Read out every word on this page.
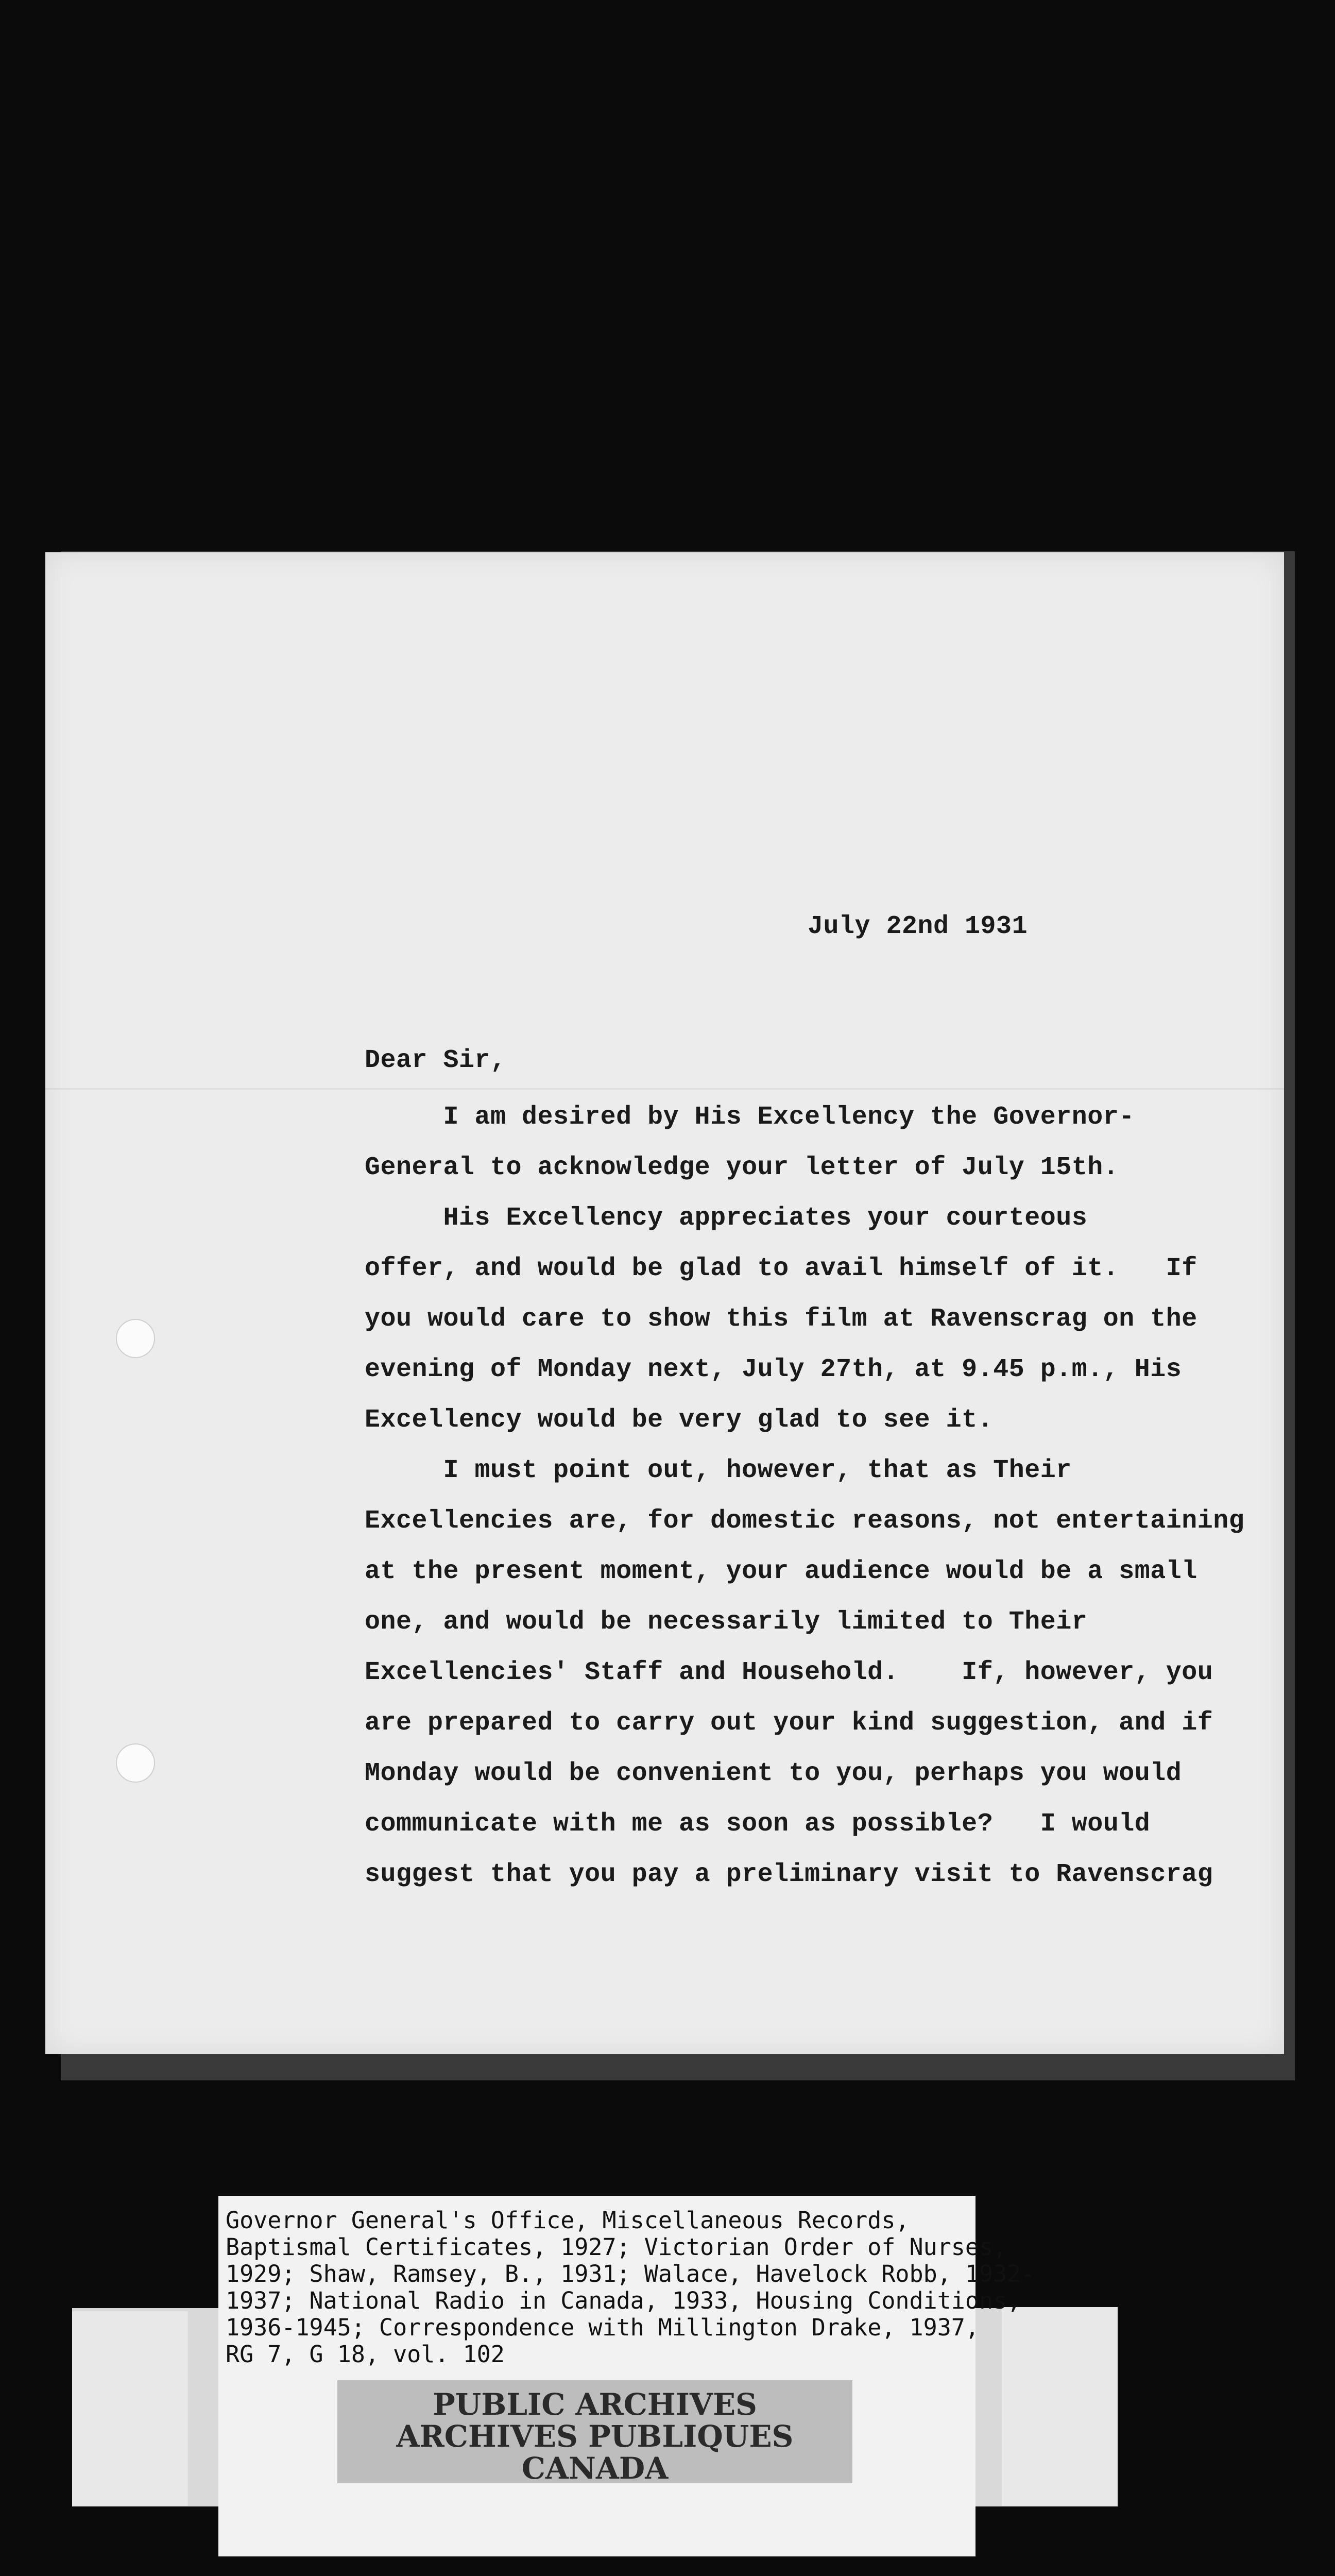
July 22nd 1931
Dear Sir,
I am desired by His Excellency the Governor-
General to acknowledge your letter of July 15th.
His Excellency appreciates your courteous
offer, and would be glad to avail himself of it.   If
you would care to show this film at Ravenscrag on the
evening of Monday next, July 27th, at 9.45 p.m., His
Excellency would be very glad to see it.
I must point out, however, that as Their
Excellencies are, for domestic reasons, not entertaining
at the present moment, your audience would be a small
one, and would be necessarily limited to Their
Excellencies' Staff and Household.    If, however, you
are prepared to carry out your kind suggestion, and if
Monday would be convenient to you, perhaps you would
communicate with me as soon as possible?   I would
suggest that you pay a preliminary visit to Ravenscrag
Governor General's Office, Miscellaneous Records,
Baptismal Certificates, 1927; Victorian Order of Nurses,
1929; Shaw, Ramsey, B., 1931; Walace, Havelock Robb, 1932-
1937; National Radio in Canada, 1933, Housing Conditions,
1936-1945; Correspondence with Millington Drake, 1937,
RG 7, G 18, vol. 102
PUBLIC ARCHIVES
ARCHIVES PUBLIQUES
CANADA
